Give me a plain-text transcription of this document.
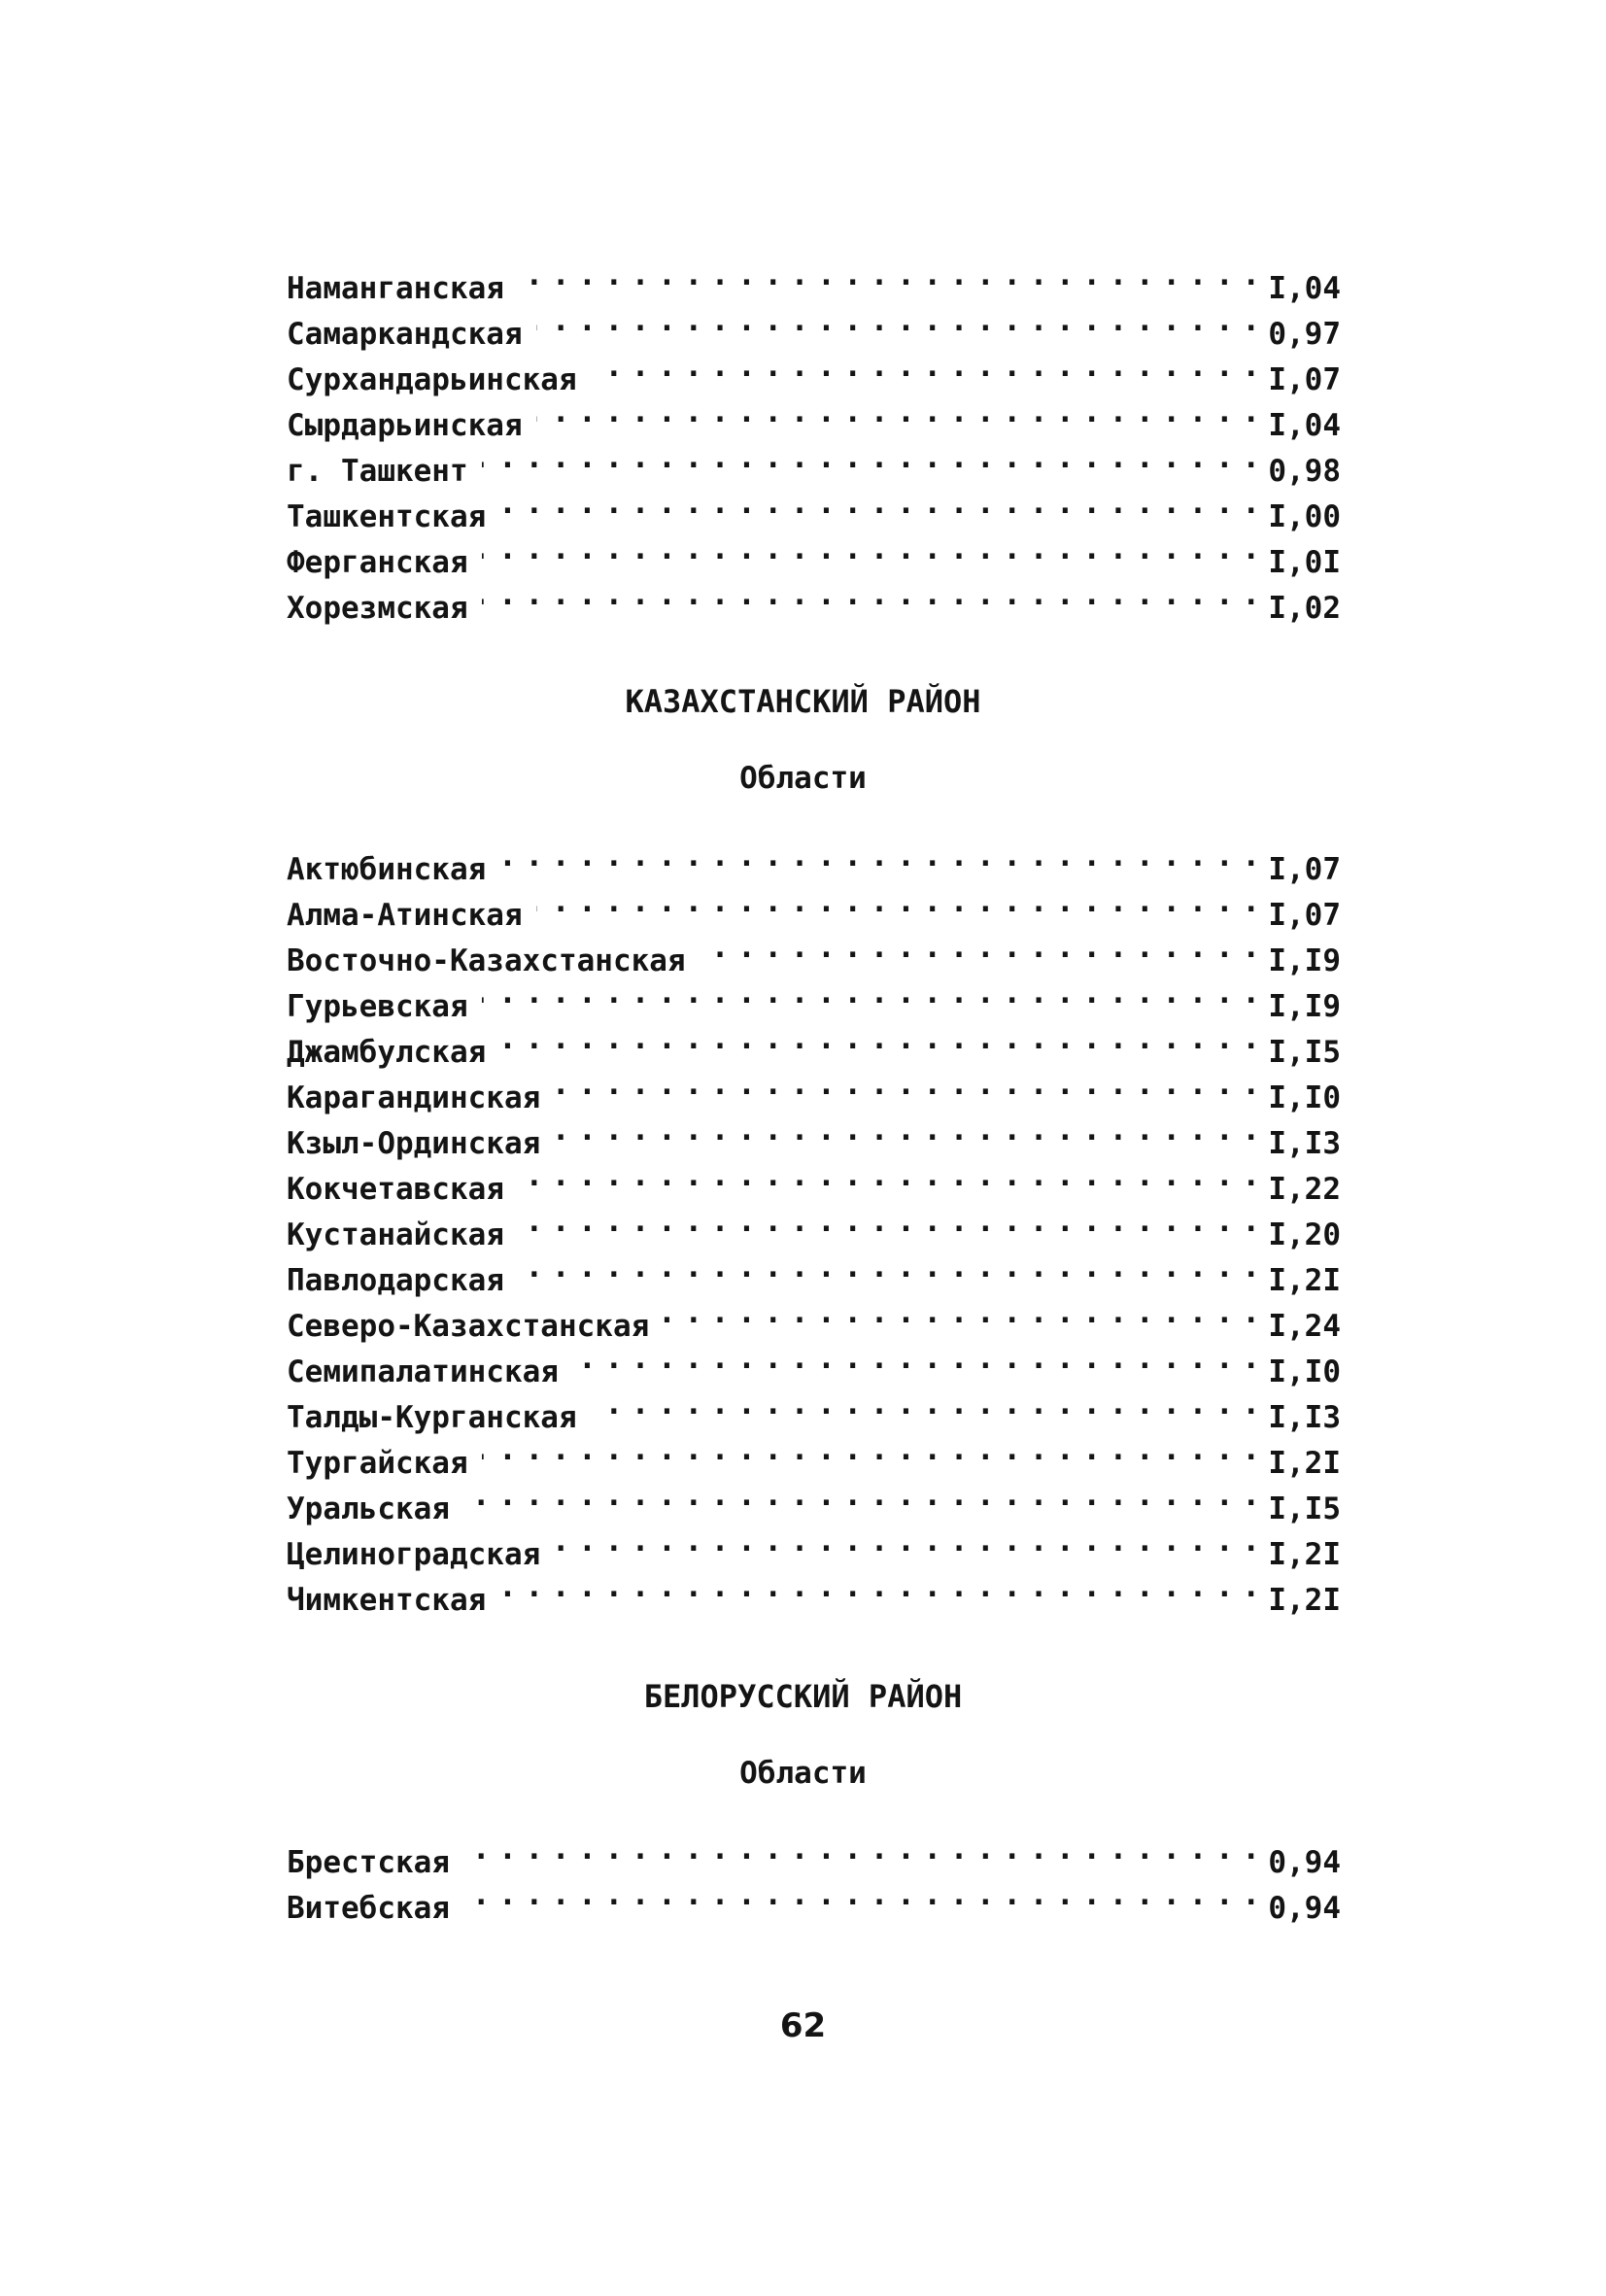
Наманганская . . .	I,04
Самаркандская . . .	0,97
Сурхандарьинская . . .	I,07
Сырдарьинская . . .	I,04
г. Ташкент . . .	0,98
Ташкентская . . .	I,00
Ферганская . . .	I,0I
Хорезмская . . .	I,02
КАЗАХСТАНСКИЙ РАЙОН
Области
Актюбинская . . .	I,07
Алма-Атинская . . .	I,07
Восточно-Казахстанская . . .	I,I9
Гурьевская . . .	I,I9
Джамбулская . . .	I,I5
Карагандинская . . .	I,I0
Кзыл-Ординская . . .	I,I3
Кокчетавская . . .	I,22
Кустанайская . . .	I,20
Павлодарская . . .	I,2I
Северо-Казахстанская . . .	I,24
Семипалатинская . . .	I,I0
Талды-Курганская . . .	I,I3
Тургайская . . .	I,2I
Уральская . . .	I,I5
Целиноградская . . .	I,2I
Чимкентская . . .	I,2I
БЕЛОРУССКИЙ РАЙОН
Области
Брестская . . .	0,94
Витебская . . .	0,94
62
